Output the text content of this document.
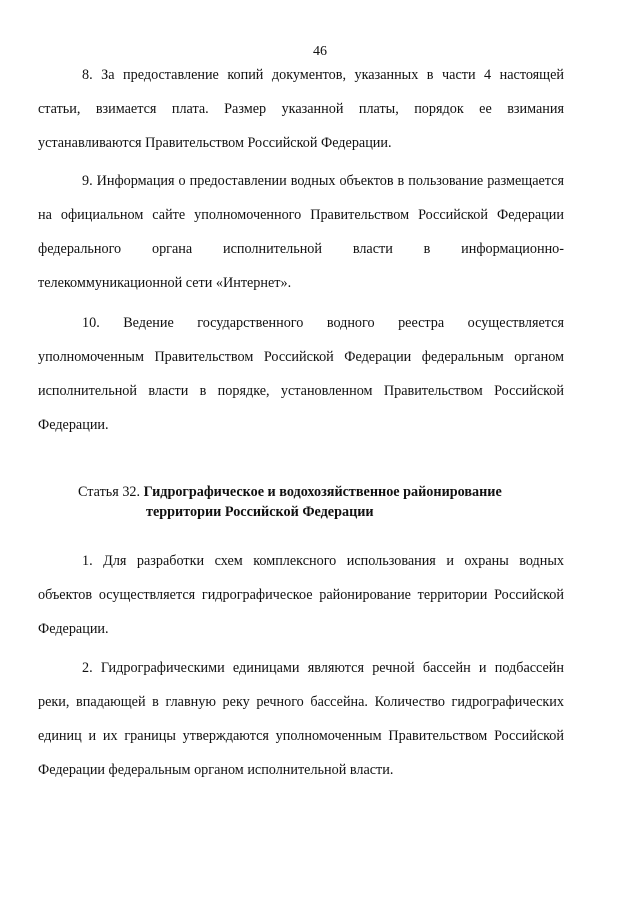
46

8. За предоставление копий документов, указанных в части 4 настоящей статьи, взимается плата. Размер указанной платы, порядок ее взимания устанавливаются Правительством Российской Федерации.

9. Информация о предоставлении водных объектов в пользование размещается на официальном сайте уполномоченного Правительством Российской Федерации федерального органа исполнительной власти в информационно-телекоммуникационной сети «Интернет».

10. Ведение государственного водного реестра осуществляется уполномоченным Правительством Российской Федерации федеральным органом исполнительной власти в порядке, установленном Правительством Российской Федерации.

Статья 32. Гидрографическое и водохозяйственное районирование
территории Российской Федерации

1. Для разработки схем комплексного использования и охраны водных объектов осуществляется гидрографическое районирование территории Российской Федерации.

2. Гидрографическими единицами являются речной бассейн и подбассейн реки, впадающей в главную реку речного бассейна. Количество гидрографических единиц и их границы утверждаются уполномоченным Правительством Российской Федерации федеральным органом исполнительной власти.
